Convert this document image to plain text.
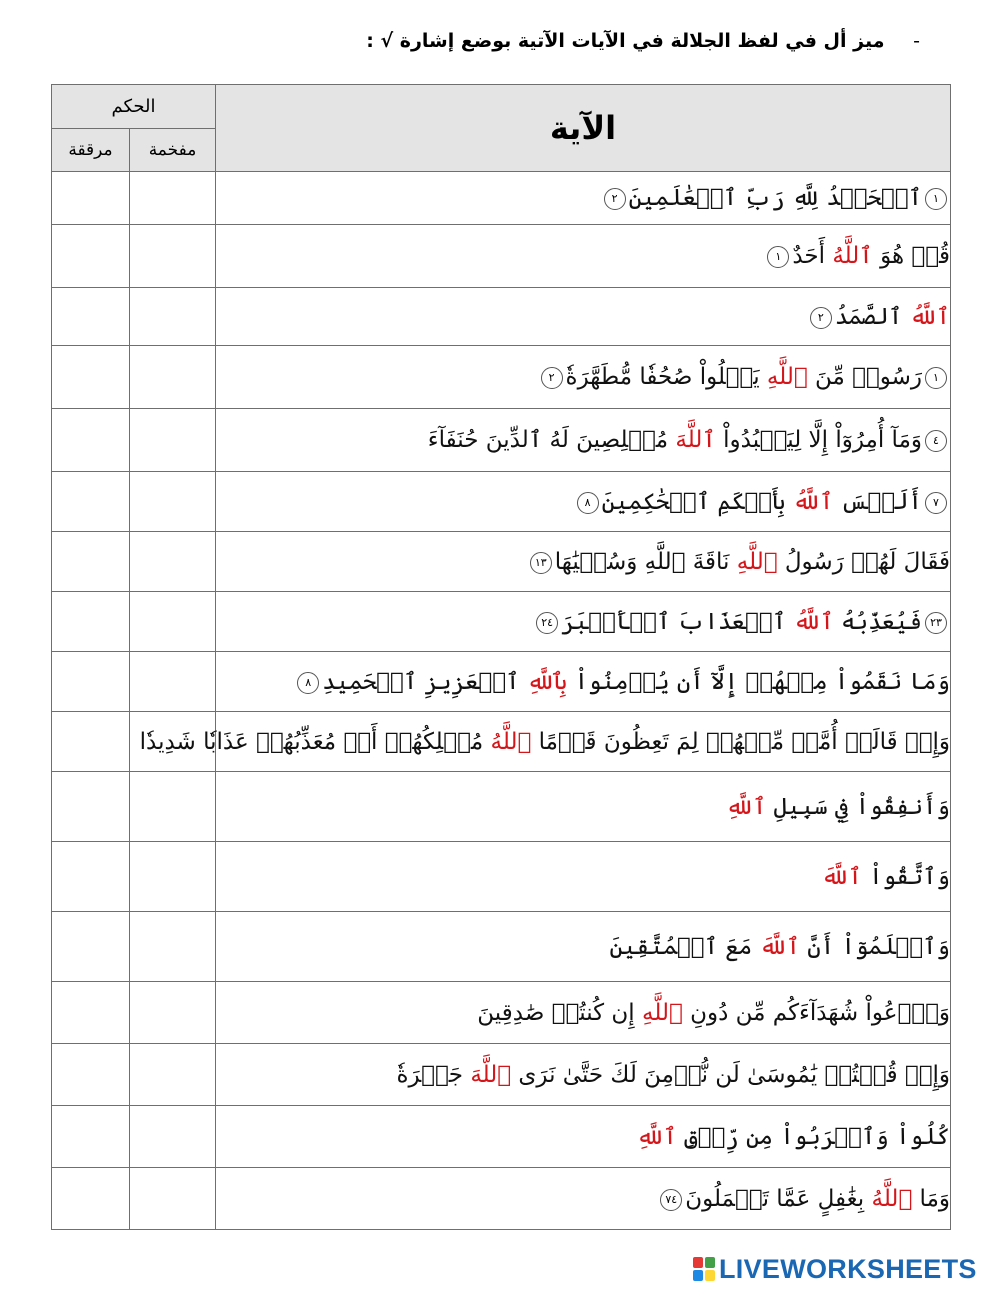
- ميز أل في لفظ الجلالة في الآيات الآتية بوضع إشارة √ :
الآية	الحكم	
	مفخمة	مرققة
١ٱلۡحَمۡدُ لِلَّهِ رَبِّ ٱلۡعَٰلَمِينَ٢		
قُلۡ هُوَ ٱللَّهُ أَحَدٌ١		
ٱللَّهُ ٱلصَّمَدُ٢		
١رَسُولٞ مِّنَ ٱللَّهِ يَتۡلُواْ صُحُفٗا مُّطَهَّرَةٗ٢		
٤وَمَآ أُمِرُوٓاْ إِلَّا لِيَعۡبُدُواْ ٱللَّهَ مُخۡلِصِينَ لَهُ ٱلدِّينَ حُنَفَآءَ		
٧أَلَيۡسَ ٱللَّهُ بِأَحۡكَمِ ٱلۡحَٰكِمِينَ٨		
فَقَالَ لَهُمۡ رَسُولُ ٱللَّهِ نَاقَةَ ٱللَّهِ وَسُقۡيَٰهَا١٣		
٢٣فَيُعَذِّبُهُ ٱللَّهُ ٱلۡعَذَابَ ٱلۡأَكۡبَرَ٢٤		
وَمَا نَقَمُواْ مِنۡهُمۡ إِلَّآ أَن يُؤۡمِنُواْ بِٱللَّهِ ٱلۡعَزِيزِ ٱلۡحَمِيدِ٨		
وَإِذۡ قَالَتۡ أُمَّةٞ مِّنۡهُمۡ لِمَ تَعِظُونَ قَوۡمًا ٱللَّهُ مُهۡلِكُهُمۡ أَوۡ مُعَذِّبُهُمۡ عَذَابٗا شَدِيدٗا		
وَأَنفِقُواْ فِي سَبِيلِ ٱللَّهِ		
وَٱتَّقُواْ ٱللَّهَ		
وَٱعۡلَمُوٓاْ أَنَّ ٱللَّهَ مَعَ ٱلۡمُتَّقِينَ		
وَٱدۡعُواْ شُهَدَآءَكُم مِّن دُونِ ٱللَّهِ إِن كُنتُمۡ صَٰدِقِينَ		
وَإِذۡ قُلۡتُمۡ يَٰمُوسَىٰ لَن نُّؤۡمِنَ لَكَ حَتَّىٰ نَرَى ٱللَّهَ جَهۡرَةٗ		
كُلُواْ وَٱشۡرَبُواْ مِن رِّزۡقِ ٱللَّهِ		
وَمَا ٱللَّهُ بِغَٰفِلٍ عَمَّا تَعۡمَلُونَ٧٤		
LIVEWORKSHEETS
